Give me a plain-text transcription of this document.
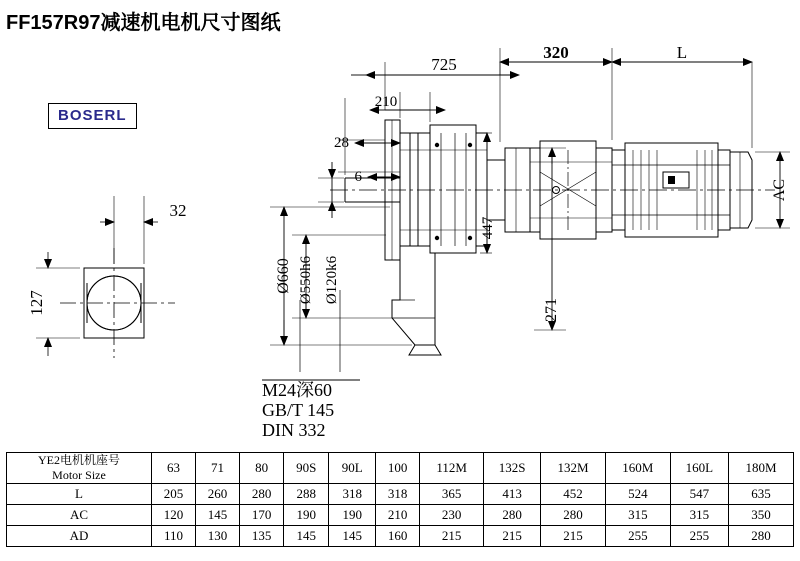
FF157R97减速机电机尺寸图纸
BOSERL
725
320	L
210
28
6
32
127
Ø660 Ø550h6 Ø120k6
447
271
AC
M24深60
GB/T 145
DIN 332
YE2电机机座号
Motor Size	63	71	80	90S	90L	100	112M	132S	132M	160M	160L	180M
L	205	260	280	288	318	318	365	413	452	524	547	635
AC	120	145	170	190	190	210	230	280	280	315	315	350
AD	110	130	135	145	145	160	215	215	215	255	255	280
